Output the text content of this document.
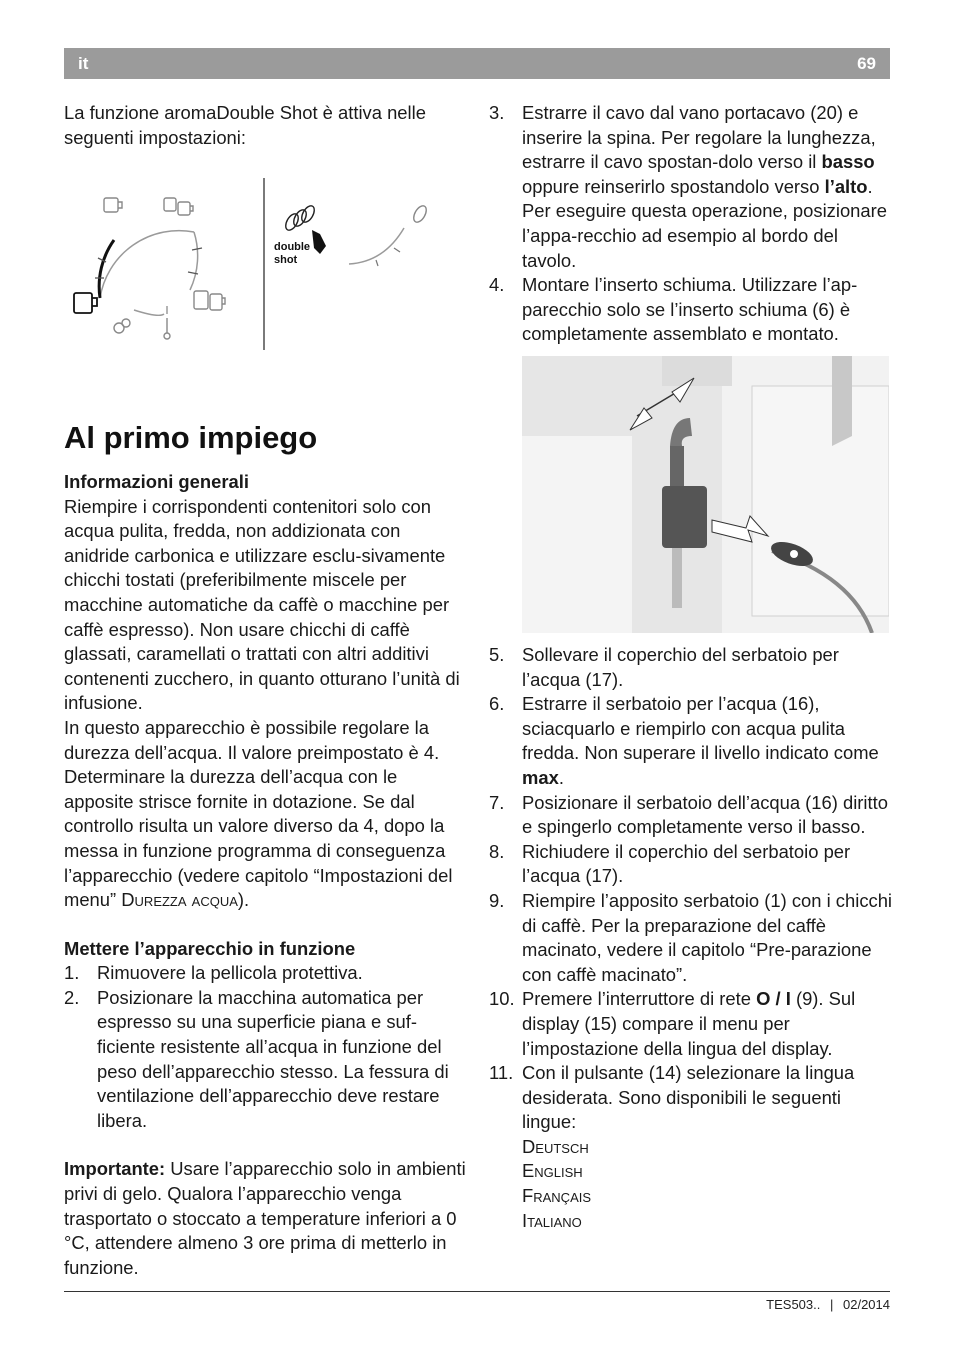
it	69

La funzione aromaDouble Shot è attiva nelle seguenti impostazioni:

double
shot
Al primo impiego

Informazioni generali

Riempire i corrispondenti contenitori solo con acqua pulita, fredda, non addizionata con anidride carbonica e utilizzare esclu-sivamente chicchi tostati (preferibilmente miscele per macchine automatiche da caffè o macchine per caffè espresso). Non usare chicchi di caffè glassati, caramellati o trattati con altri additivi contenenti zucchero, in quanto otturano l’unità di infusione.

In questo apparecchio è possibile regolare la durezza dell’acqua. Il valore preimpostato è 4. Determinare la durezza dell’acqua con le apposite strisce fornite in dotazione. Se dal controllo risulta un valore diverso da 4, dopo la messa in funzione programma di conseguenza l’apparecchio (vedere capitolo “Impostazioni del menu” Durezza acqua).

Mettere l’apparecchio in funzione

1. Rimuovere la pellicola protettiva.
2. Posizionare la macchina automatica per espresso su una superficie piana e suf-ficiente resistente all’acqua in funzione del peso dell’apparecchio stesso. La fessura di ventilazione dell’apparecchio deve restare libera.

Importante: Usare l’apparecchio solo in ambienti privi di gelo. Qualora l’apparecchio venga trasportato o stoccato a temperature inferiori a 0 °C, attendere almeno 3 ore prima di metterlo in funzione.

3. Estrarre il cavo dal vano portacavo (20) e inserire la spina. Per regolare la lunghezza, estrarre il cavo spostan-dolo verso il basso oppure reinserirlo spostandolo verso l’alto. Per eseguire questa operazione, posizionare l’appa-recchio ad esempio al bordo del tavolo.
4. Montare l’inserto schiuma. Utilizzare l’ap-parecchio solo se l’inserto schiuma (6) è completamente assemblato e montato.
5. Sollevare il coperchio del serbatoio per l’acqua (17).
6. Estrarre il serbatoio per l’acqua (16), sciacquarlo e riempirlo con acqua pulita fredda. Non superare il livello indicato come max.
7. Posizionare il serbatoio dell’acqua (16) diritto e spingerlo completamente verso il basso.
8. Richiudere il coperchio del serbatoio per l’acqua (17).
9. Riempire l’apposito serbatoio (1) con i chicchi di caffè. Per la preparazione del caffè macinato, vedere il capitolo “Pre-parazione con caffè macinato”.
10. Premere l’interruttore di rete O / I (9). Sul display (15) compare il menu per l’impostazione della lingua del display.
11. Con il pulsante (14) selezionare la lingua desiderata. Sono disponibili le seguenti lingue:
Deutsch
English
Français
Italiano
TES503.. | 02/2014
